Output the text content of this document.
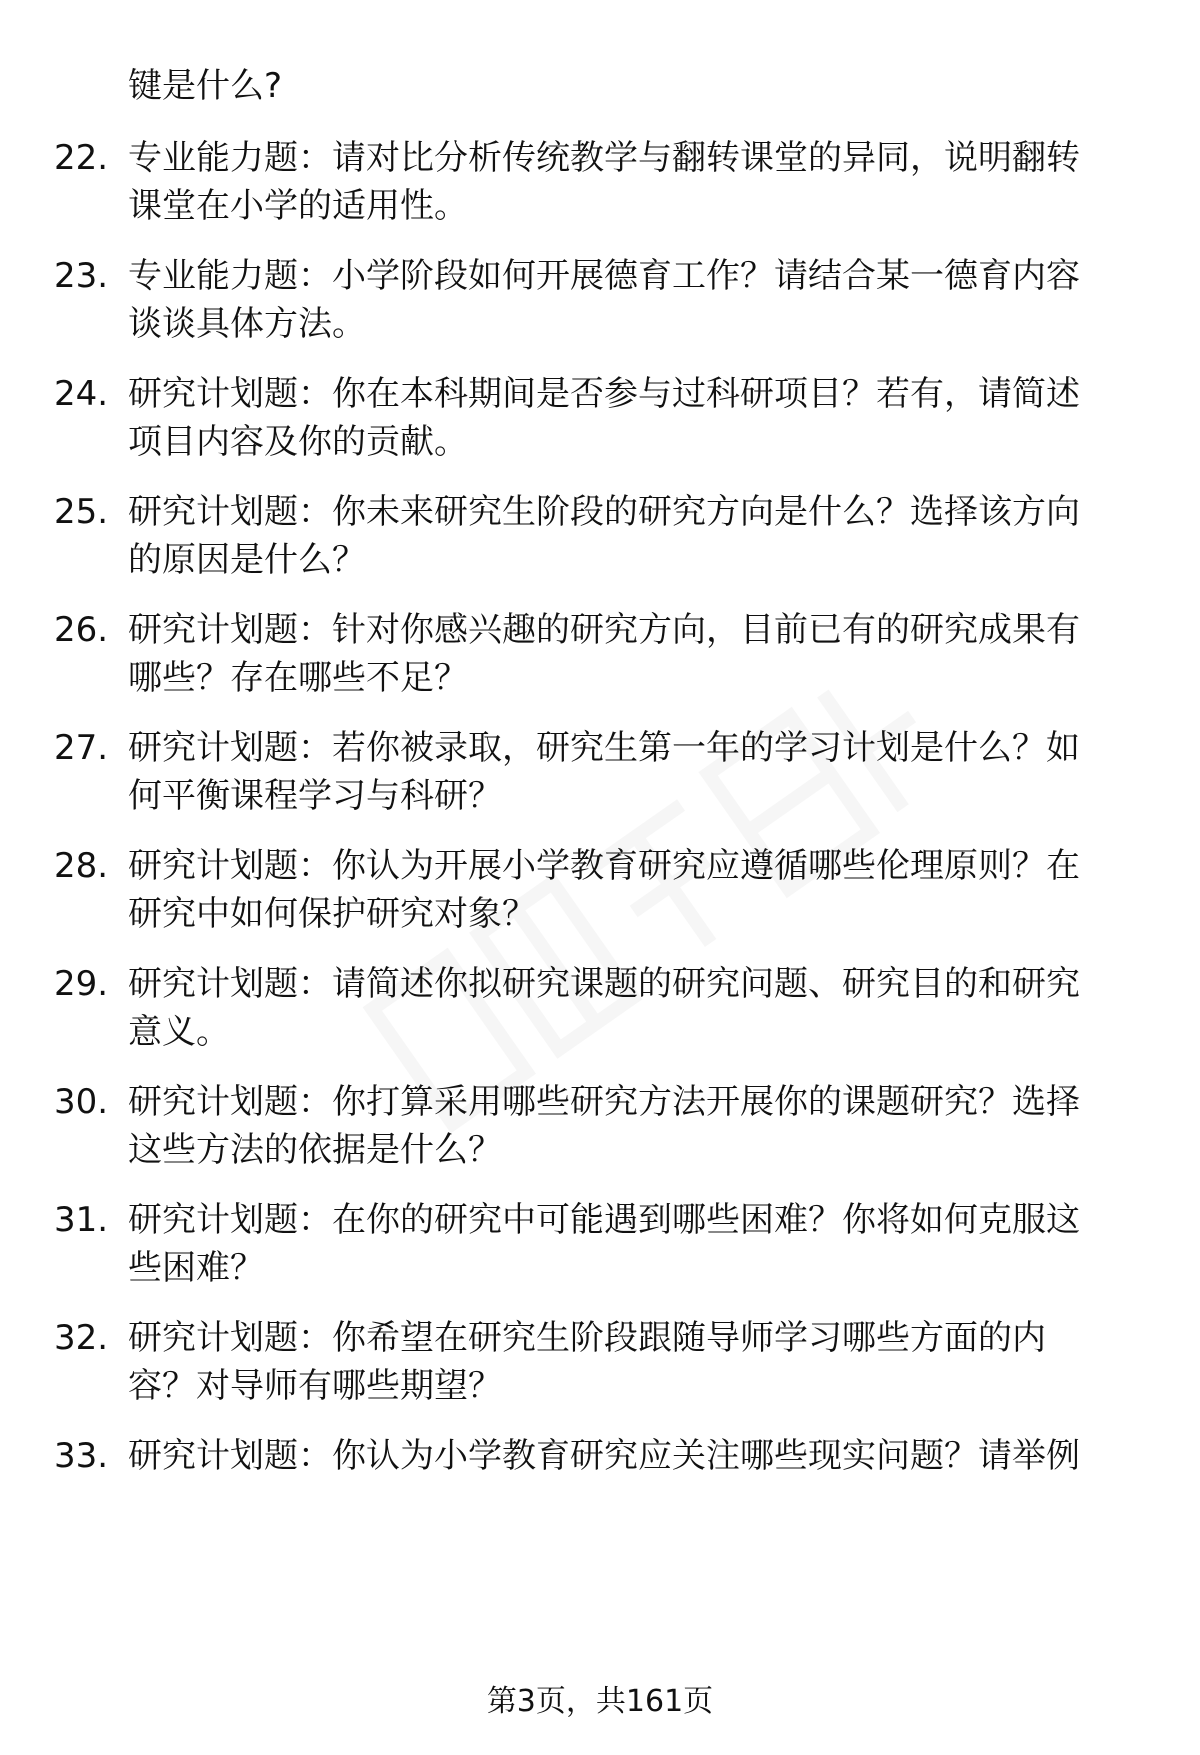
键是什么?
22. 专业能力题：请对比分析传统教学与翻转课堂的异同，说明翻转
课堂在小学的适用性。
23. 专业能力题：小学阶段如何开展德育工作？请结合某一德育内容
谈谈具体方法。
24. 研究计划题：你在本科期间是否参与过科研项目？若有，请简述
项目内容及你的贡献。
25. 研究计划题：你未来研究生阶段的研究方向是什么？选择该方向
的原因是什么？
26. 研究计划题：针对你感兴趣的研究方向，目前已有的研究成果有
哪些？存在哪些不足？
27. 研究计划题：若你被录取，研究生第一年的学习计划是什么？如
何平衡课程学习与科研？
28. 研究计划题：你认为开展小学教育研究应遵循哪些伦理原则？在
研究中如何保护研究对象？
29. 研究计划题：请简述你拟研究课题的研究问题、研究目的和研究
意义。
30. 研究计划题：你打算采用哪些研究方法开展你的课题研究？选择
这些方法的依据是什么？
31. 研究计划题：在你的研究中可能遇到哪些困难？你将如何克服这
些困难？
32. 研究计划题：你希望在研究生阶段跟随导师学习哪些方面的内
容？对导师有哪些期望？
33. 研究计划题：你认为小学教育研究应关注哪些现实问题？请举例
第3页，共161页
